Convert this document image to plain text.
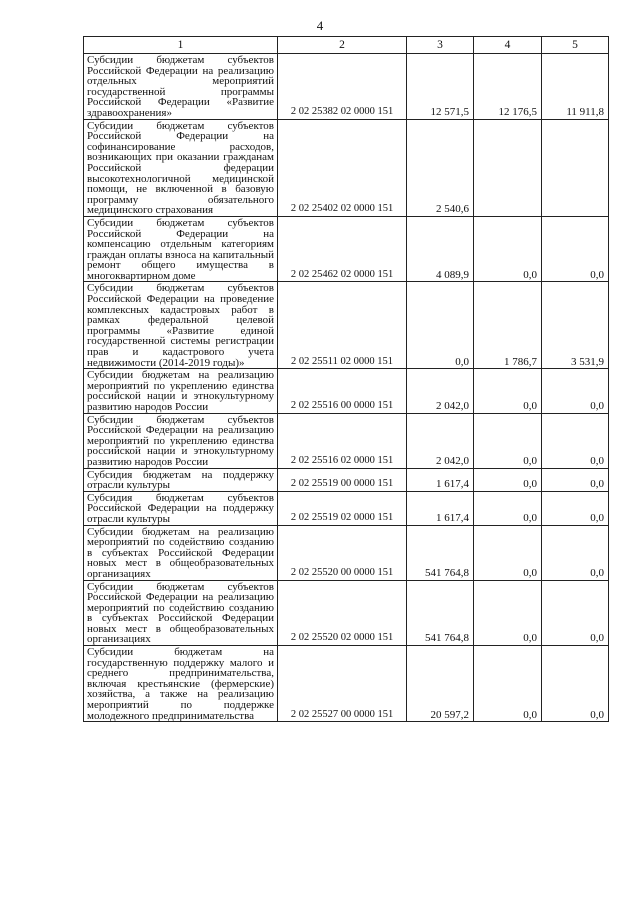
4
1	2	3	4	5
Субсидии бюджетам субъектов Российской Федерации на реализацию отдельных мероприятий государственной программы Российской Федерации «Развитие здравоохранения»	2 02 25382 02 0000 151	12 571,5	12 176,5	11 911,8
Субсидии бюджетам субъектов Российской Федерации на софинансирование расходов, возникающих при оказании гражданам Российской федерации высокотехнологичной медицинской помощи, не включенной в базовую программу обязательного медицинского страхования	2 02 25402 02 0000 151	2 540,6		
Субсидии бюджетам субъектов Российской Федерации на компенсацию отдельным категориям граждан оплаты взноса на капитальный ремонт общего имущества в многоквартирном доме	2 02 25462 02 0000 151	4 089,9	0,0	0,0
Субсидии бюджетам субъектов Российской Федерации на проведение комплексных кадастровых работ в рамках федеральной целевой программы «Развитие единой государственной системы регистрации прав и кадастрового учета недвижимости (2014-2019 годы)»	2 02 25511 02 0000 151	0,0	1 786,7	3 531,9
Субсидии бюджетам на реализацию мероприятий по укреплению единства российской нации и этнокультурному развитию народов России	2 02 25516 00 0000 151	2 042,0	0,0	0,0
Субсидии бюджетам субъектов Российской Федерации на реализацию мероприятий по укреплению единства российской нации и этнокультурному развитию народов России	2 02 25516 02 0000 151	2 042,0	0,0	0,0
Субсидия бюджетам на поддержку отрасли культуры	2 02 25519 00 0000 151	1 617,4	0,0	0,0
Субсидия бюджетам субъектов Российской Федерации на поддержку отрасли культуры	2 02 25519 02 0000 151	1 617,4	0,0	0,0
Субсидии бюджетам на реализацию мероприятий по содействию созданию в субъектах Российской Федерации новых мест в общеобразовательных организациях	2 02 25520 00 0000 151	541 764,8	0,0	0,0
Субсидии бюджетам субъектов Российской Федерации на реализацию мероприятий по содействию созданию в субъектах Российской Федерации новых мест в общеобразовательных организациях	2 02 25520 02 0000 151	541 764,8	0,0	0,0
Субсидии бюджетам на государственную поддержку малого и среднего предпринимательства, включая крестьянские (фермерские) хозяйства, а также на реализацию мероприятий по поддержке молодежного предпринимательства	2 02 25527 00 0000 151	20 597,2	0,0	0,0
